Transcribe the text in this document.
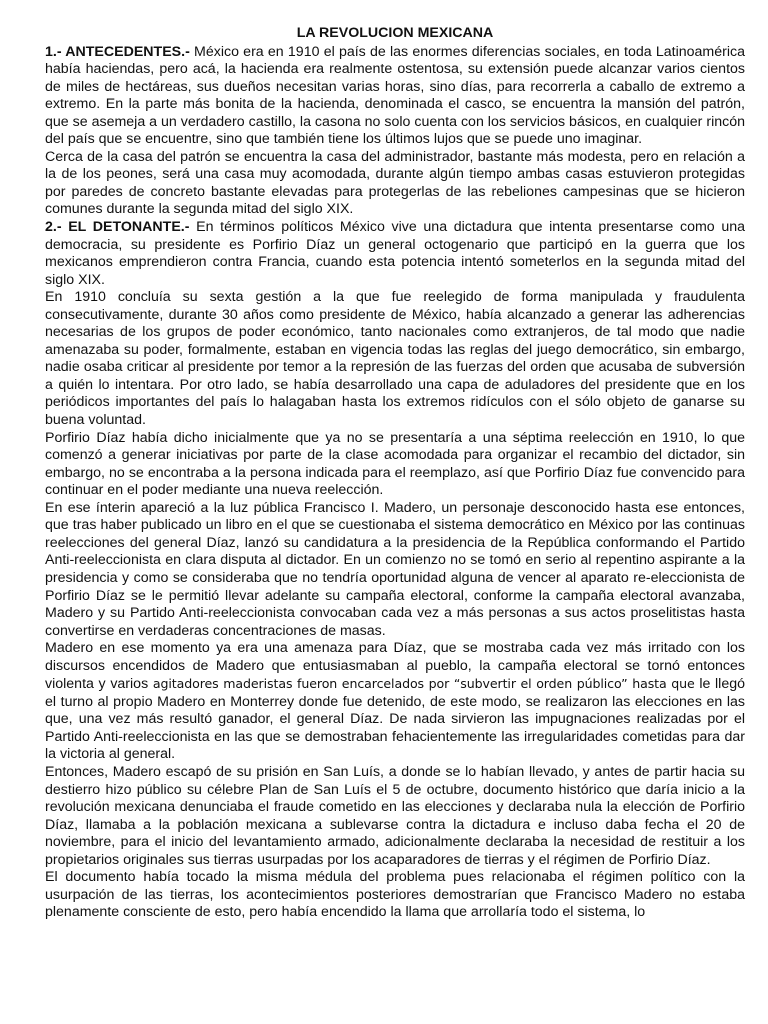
LA REVOLUCION MEXICANA

1.- ANTECEDENTES.- México era en 1910 el país de las enormes diferencias sociales, en toda Latinoamérica había haciendas, pero acá, la hacienda era realmente ostentosa, su extensión puede alcanzar varios cientos de miles de hectáreas, sus dueños necesitan varias horas, sino días, para recorrerla a caballo de extremo a extremo. En la parte más bonita de la hacienda, denominada el casco, se encuentra la mansión del patrón, que se asemeja a un verdadero castillo, la casona no solo cuenta con los servicios básicos, en cualquier rincón del país que se encuentre, sino que también tiene los últimos lujos que se puede uno imaginar.

Cerca de la casa del patrón se encuentra la casa del administrador, bastante más modesta, pero en relación a la de los peones, será una casa muy acomodada, durante algún tiempo ambas casas estuvieron protegidas por paredes de concreto bastante elevadas para protegerlas de las rebeliones campesinas que se hicieron comunes durante la segunda mitad del siglo XIX.

2.- EL DETONANTE.- En términos políticos México vive una dictadura que intenta presentarse como una democracia, su presidente es Porfirio Díaz un general octogenario que participó en la guerra que los mexicanos emprendieron contra Francia, cuando esta potencia intentó someterlos en la segunda mitad del siglo XIX.

En 1910 concluía su sexta gestión a la que fue reelegido de forma manipulada y fraudulenta consecutivamente, durante 30 años como presidente de México, había alcanzado a generar las adherencias necesarias de los grupos de poder económico, tanto nacionales como extranjeros, de tal modo que nadie amenazaba su poder, formalmente, estaban en vigencia todas las reglas del juego democrático, sin embargo, nadie osaba criticar al presidente por temor a la represión de las fuerzas del orden que acusaba de subversión a quién lo intentara. Por otro lado, se había desarrollado una capa de aduladores del presidente que en los periódicos importantes del país lo halagaban hasta los extremos ridículos con el sólo objeto de ganarse su buena voluntad.

Porfirio Díaz había dicho inicialmente que ya no se presentaría a una séptima reelección en 1910, lo que comenzó a generar iniciativas por parte de la clase acomodada para organizar el recambio del dictador, sin embargo, no se encontraba a la persona indicada para el reemplazo, así que Porfirio Díaz fue convencido para continuar en el poder mediante una nueva reelección.

En ese ínterin apareció a la luz pública Francisco I. Madero, un personaje desconocido hasta ese entonces, que tras haber publicado un libro en el que se cuestionaba el sistema democrático en México por las continuas reelecciones del general Díaz, lanzó su candidatura a la presidencia de la República conformando el Partido Anti-reeleccionista en clara disputa al dictador. En un comienzo no se tomó en serio al repentino aspirante a la presidencia y como se consideraba que no tendría oportunidad alguna de vencer al aparato re-eleccionista de Porfirio Díaz se le permitió llevar adelante su campaña electoral, conforme la campaña electoral avanzaba, Madero y su Partido Anti-reeleccionista convocaban cada vez a más personas a sus actos proselitistas hasta convertirse en verdaderas concentraciones de masas.

Madero en ese momento ya era una amenaza para Díaz, que se mostraba cada vez más irritado con los discursos encendidos de Madero que entusiasmaban al pueblo, la campaña electoral se tornó entonces violenta y varios agitadores maderistas fueron encarcelados por “subvertir el orden público” hasta que le llegó el turno al propio Madero en Monterrey donde fue detenido, de este modo, se realizaron las elecciones en las que, una vez más resultó ganador, el general Díaz. De nada sirvieron las impugnaciones realizadas por el Partido Anti-reeleccionista en las que se demostraban fehacientemente las irregularidades cometidas para dar la victoria al general.

Entonces, Madero escapó de su prisión en San Luís, a donde se lo habían llevado, y antes de partir hacia su destierro hizo público su célebre Plan de San Luís el 5 de octubre, documento histórico que daría inicio a la revolución mexicana denunciaba el fraude cometido en las elecciones y declaraba nula la elección de Porfirio Díaz, llamaba a la población mexicana a sublevarse contra la dictadura e incluso daba fecha el 20 de noviembre, para el inicio del levantamiento armado, adicionalmente declaraba la necesidad de restituir a los propietarios originales sus tierras usurpadas por los acaparadores de tierras y el régimen de Porfirio Díaz.

El documento había tocado la misma médula del problema pues relacionaba el régimen político con la usurpación de las tierras, los acontecimientos posteriores demostrarían que Francisco Madero no estaba plenamente consciente de esto, pero había encendido la llama que arrollaría todo el sistema, lo
